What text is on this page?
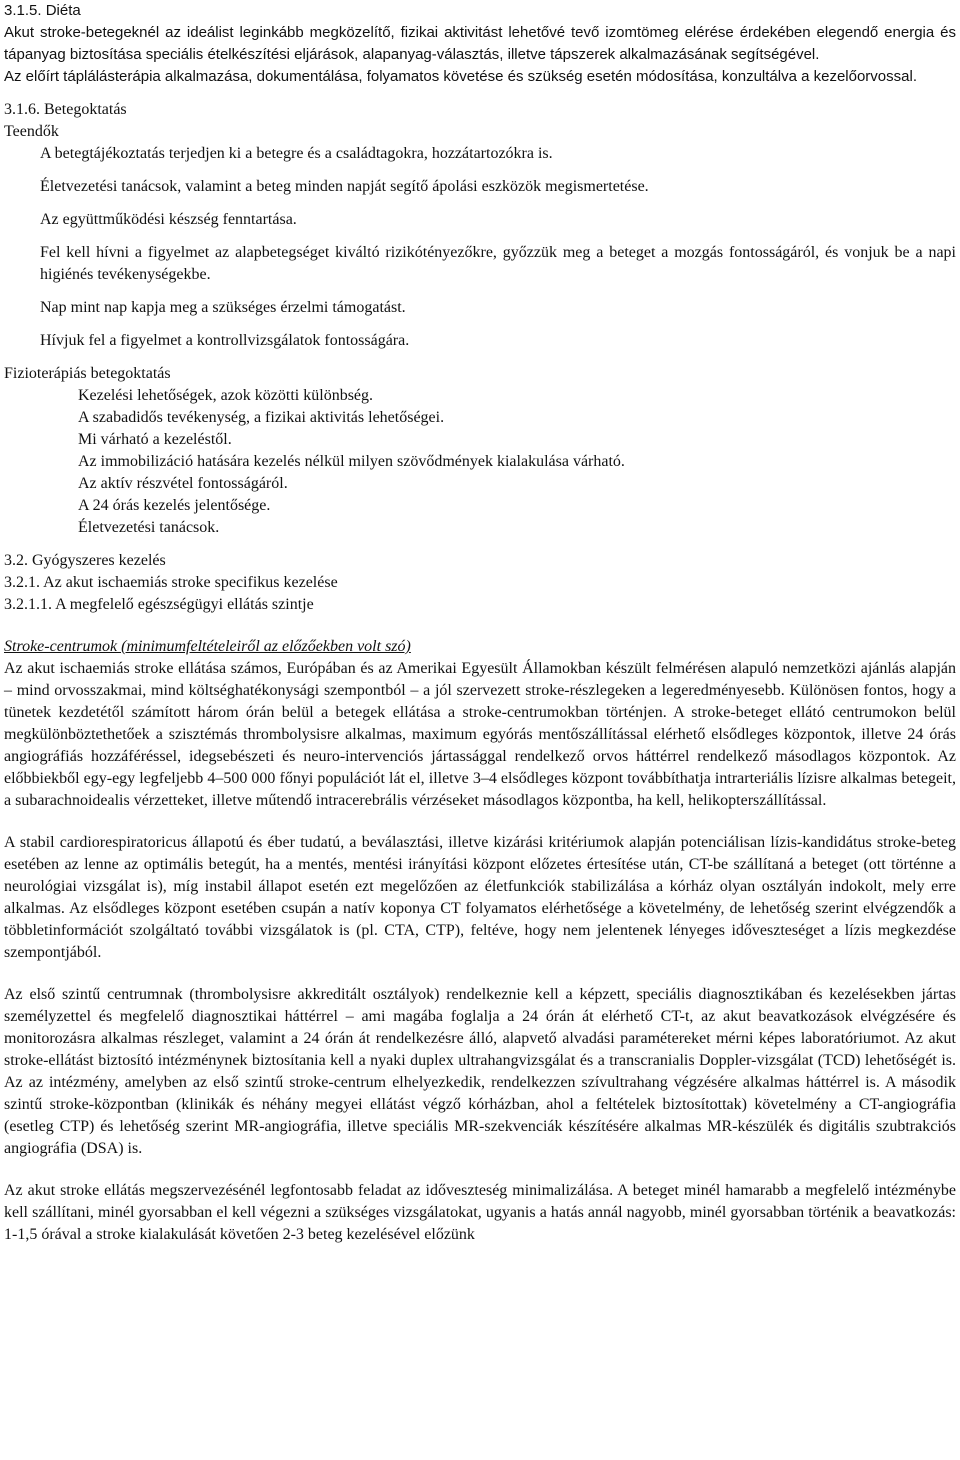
3.1.5. Diéta

Akut stroke-betegeknél az ideálist leginkább megközelítő, fizikai aktivitást lehetővé tevő izomtömeg elérése érdekében elegendő energia és tápanyag biztosítása speciális ételkészítési eljárások, alapanyag-választás, illetve tápszerek alkalmazásának segítségével.

Az előírt táplálásterápia alkalmazása, dokumentálása, folyamatos követése és szükség esetén módosítása, konzultálva a kezelőorvossal.

3.1.6. Betegoktatás

Teendők

A betegtájékoztatás terjedjen ki a betegre és a családtagokra, hozzátartozókra is.

Életvezetési tanácsok, valamint a beteg minden napját segítő ápolási eszközök megismertetése.

Az együttműködési készség fenntartása.

Fel kell hívni a figyelmet az alapbetegséget kiváltó rizikótényezőkre, győzzük meg a beteget a mozgás fontosságáról, és vonjuk be a napi higiénés tevékenységekbe.

Nap mint nap kapja meg a szükséges érzelmi támogatást.

Hívjuk fel a figyelmet a kontrollvizsgálatok fontosságára.

Fizioterápiás betegoktatás

Kezelési lehetőségek, azok közötti különbség.

A szabadidős tevékenység, a fizikai aktivitás lehetőségei.

Mi várható a kezeléstől.

Az immobilizáció hatására kezelés nélkül milyen szövődmények kialakulása várható.

Az aktív részvétel fontosságáról.

A 24 órás kezelés jelentősége.

Életvezetési tanácsok.

3.2. Gyógyszeres kezelés

3.2.1. Az akut ischaemiás stroke specifikus kezelése

3.2.1.1. A megfelelő egészségügyi ellátás szintje

Stroke-centrumok (minimumfeltételeiről az előzőekben volt szó)

Az akut ischaemiás stroke ellátása számos, Európában és az Amerikai Egyesült Államokban készült felmérésen alapuló nemzetközi ajánlás alapján – mind orvosszakmai, mind költséghatékonysági szempontból – a jól szervezett stroke-részlegeken a legeredményesebb. Különösen fontos, hogy a tünetek kezdetétől számított három órán belül a betegek ellátása a stroke-centrumokban történjen. A stroke-beteget ellátó centrumokon belül megkülönböztethetőek a szisztémás thrombolysisre alkalmas, maximum egyórás mentőszállítással elérhető elsődleges központok, illetve 24 órás angiográfiás hozzáféréssel, idegsebészeti és neuro-intervenciós jártassággal rendelkező orvos háttérrel rendelkező másodlagos központok. Az előbbiekből egy-egy legfeljebb 4–500 000 főnyi populációt lát el, illetve 3–4 elsődleges központ továbbíthatja intrarteriális lízisre alkalmas betegeit, a subarachnoidealis vérzetteket, illetve műtendő intracerebrális vérzéseket másodlagos központba, ha kell, helikopterszállítással.

A stabil cardiorespiratoricus állapotú és éber tudatú, a beválasztási, illetve kizárási kritériumok alapján potenciálisan lízis-kandidátus stroke-beteg esetében az lenne az optimális betegút, ha a mentés, mentési irányítási központ előzetes értesítése után, CT-be szállítaná a beteget (ott történne a neurológiai vizsgálat is), míg instabil állapot esetén ezt megelőzően az életfunkciók stabilizálása a kórház olyan osztályán indokolt, mely erre alkalmas. Az elsődleges központ esetében csupán a natív koponya CT folyamatos elérhetősége a követelmény, de lehetőség szerint elvégzendők a többletinformációt szolgáltató további vizsgálatok is (pl. CTA, CTP), feltéve, hogy nem jelentenek lényeges időveszteséget a lízis megkezdése szempontjából.

Az első szintű centrumnak (thrombolysisre akkreditált osztályok) rendelkeznie kell a képzett, speciális diagnosztikában és kezelésekben jártas személyzettel és megfelelő diagnosztikai háttérrel – ami magába foglalja a 24 órán át elérhető CT-t, az akut beavatkozások elvégzésére és monitorozásra alkalmas részleget, valamint a 24 órán át rendelkezésre álló, alapvető alvadási paramétereket mérni képes laboratóriumot. Az akut stroke-ellátást biztosító intézménynek biztosítania kell a nyaki duplex ultrahangvizsgálat és a transcranialis Doppler-vizsgálat (TCD) lehetőségét is. Az az intézmény, amelyben az első szintű stroke-centrum elhelyezkedik, rendelkezzen szívultrahang végzésére alkalmas háttérrel is. A második szintű stroke-központban (klinikák és néhány megyei ellátást végző kórházban, ahol a feltételek biztosítottak) követelmény a CT-angiográfia (esetleg CTP) és lehetőség szerint MR-angiográfia, illetve speciális MR-szekvenciák készítésére alkalmas MR-készülék és digitális szubtrakciós angiográfia (DSA) is.

Az akut stroke ellátás megszervezésénél legfontosabb feladat az időveszteség minimalizálása. A beteget minél hamarabb a megfelelő intézménybe kell szállítani, minél gyorsabban el kell végezni a szükséges vizsgálatokat, ugyanis a hatás annál nagyobb, minél gyorsabban történik a beavatkozás: 1-1,5 órával a stroke kialakulását követően 2-3 beteg kezelésével előzünk
